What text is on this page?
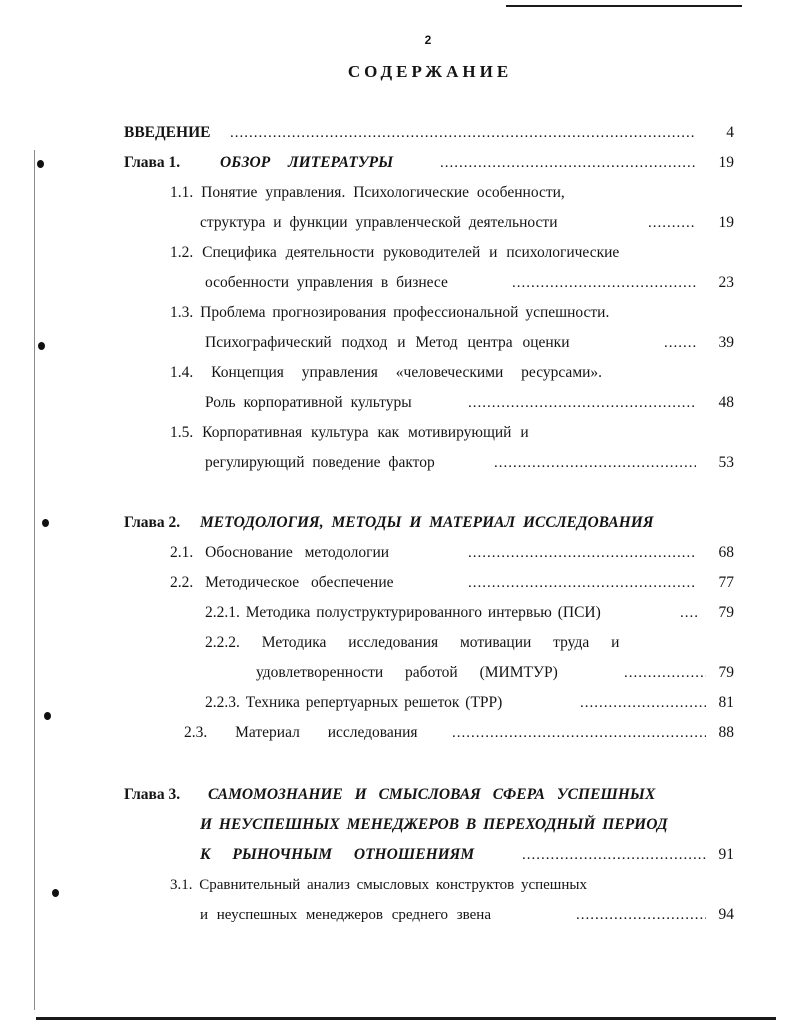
2
СОДЕРЖАНИЕ
ВВЕДЕНИЕ .....	4
Глава 1.	ОБЗОР ЛИТЕРАТУРЫ .....	19
1.1. Понятие управления. Психологические особенности,
структура и функции управленческой деятельности .....	19
1.2. Специфика деятельности руководителей и психологические
особенности управления в бизнесе .....	23
1.3. Проблема прогнозирования профессиональной успешности.
Психографический подход и Метод центра оценки .....	39
1.4. Концепция управления «человеческими ресурсами».
Роль корпоративной культуры .....	48
1.5. Корпоративная культура как мотивирующий и
регулирующий поведение фактор .....	53
Глава 2. МЕТОДОЛОГИЯ, МЕТОДЫ И МАТЕРИАЛ ИССЛЕДОВАНИЯ
2.1. Обоснование методологии .....	68
2.2. Методическое обеспечение .....	77
2.2.1. Методика полуструктурированного интервью (ПСИ) .....	79
2.2.2. Методика исследования мотивации труда и
удовлетворенности работой (МИМТУР) .....	79
2.2.3. Техника репертуарных решеток (ТРР) .....	81
2.3. Материал исследования .....	88
Глава 3. САМОМОЗНАНИЕ И СМЫСЛОВАЯ СФЕРА УСПЕШНЫХ
И НЕУСПЕШНЫХ МЕНЕДЖЕРОВ В ПЕРЕХОДНЫЙ ПЕРИОД
К РЫНОЧНЫМ ОТНОШЕНИЯМ .....	91
3.1. Сравнительный анализ смысловых конструктов успешных
и неуспешных менеджеров среднего звена .....	94
